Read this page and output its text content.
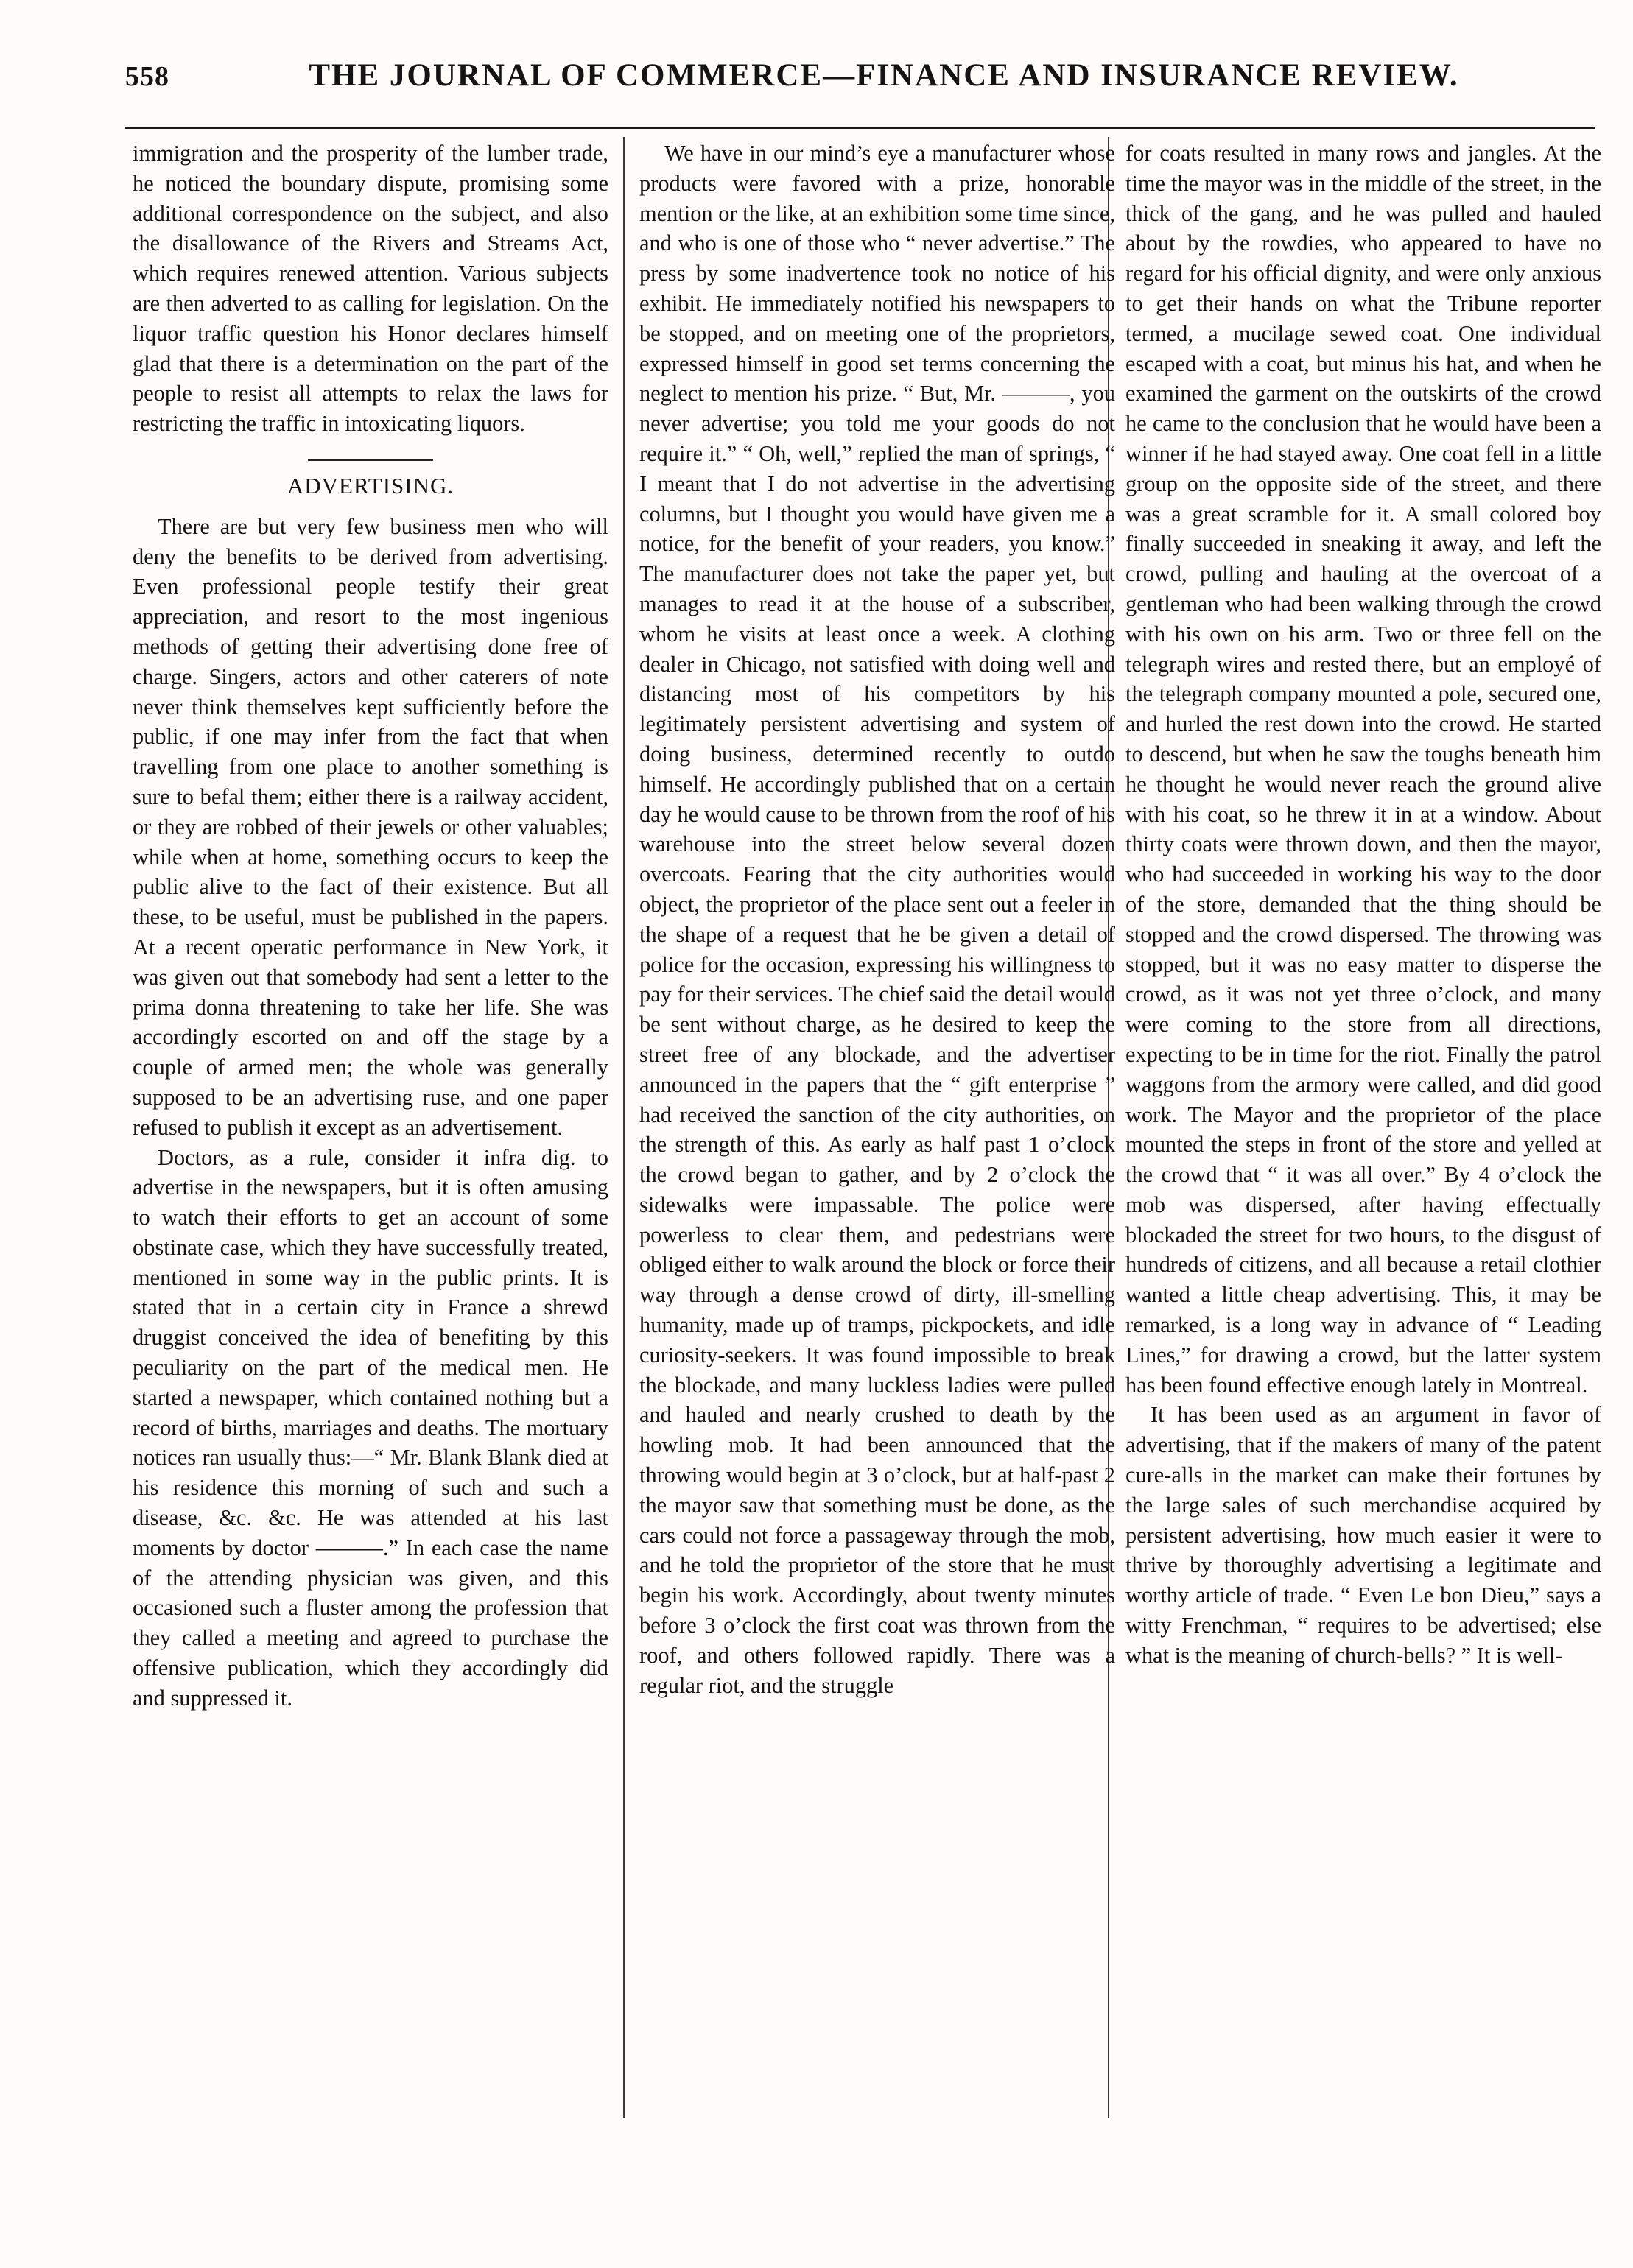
558	THE JOURNAL OF COMMERCE—FINANCE AND INSURANCE REVIEW.

immigration and the prosperity of the lumber trade, he noticed the boundary dispute, promising some additional correspondence on the subject, and also the disallowance of the Rivers and Streams Act, which requires renewed attention. Various subjects are then adverted to as calling for legislation. On the liquor traffic question his Honor declares himself glad that there is a determination on the part of the people to resist all attempts to relax the laws for restricting the traffic in intoxicating liquors.

ADVERTISING.

There are but very few business men who will deny the benefits to be derived from advertising. Even professional people testify their great appreciation, and resort to the most ingenious methods of getting their advertising done free of charge. Singers, actors and other caterers of note never think themselves kept sufficiently before the public, if one may infer from the fact that when travelling from one place to another something is sure to befal them; either there is a railway accident, or they are robbed of their jewels or other valuables; while when at home, something occurs to keep the public alive to the fact of their existence. But all these, to be useful, must be published in the papers. At a recent operatic performance in New York, it was given out that somebody had sent a letter to the prima donna threatening to take her life. She was accordingly escorted on and off the stage by a couple of armed men; the whole was generally supposed to be an advertising ruse, and one paper refused to publish it except as an advertisement.

Doctors, as a rule, consider it infra dig. to advertise in the newspapers, but it is often amusing to watch their efforts to get an account of some obstinate case, which they have successfully treated, mentioned in some way in the public prints. It is stated that in a certain city in France a shrewd druggist conceived the idea of benefiting by this peculiarity on the part of the medical men. He started a newspaper, which contained nothing but a record of births, marriages and deaths. The mortuary notices ran usually thus:—“ Mr. Blank Blank died at his residence this morning of such and such a disease, &c. &c. He was attended at his last moments by doctor ———.” In each case the name of the attending physician was given, and this occasioned such a fluster among the profession that they called a meeting and agreed to purchase the offensive publication, which they accordingly did and suppressed it.

We have in our mind’s eye a manufacturer whose products were favored with a prize, honorable mention or the like, at an exhibition some time since, and who is one of those who “ never advertise.” The press by some inadvertence took no notice of his exhibit. He immediately notified his newspapers to be stopped, and on meeting one of the proprietors, expressed himself in good set terms concerning the neglect to mention his prize. “ But, Mr. ———, you never advertise; you told me your goods do not require it.” “ Oh, well,” replied the man of springs, “ I meant that I do not advertise in the advertising columns, but I thought you would have given me a notice, for the benefit of your readers, you know.” The manufacturer does not take the paper yet, but manages to read it at the house of a subscriber, whom he visits at least once a week. A clothing dealer in Chicago, not satisfied with doing well and distancing most of his competitors by his legitimately persistent advertising and system of doing business, determined recently to outdo himself. He accordingly published that on a certain day he would cause to be thrown from the roof of his warehouse into the street below several dozen overcoats. Fearing that the city authorities would object, the proprietor of the place sent out a feeler in the shape of a request that he be given a detail of police for the occasion, expressing his willingness to pay for their services. The chief said the detail would be sent without charge, as he desired to keep the street free of any blockade, and the advertiser announced in the papers that the “ gift enterprise ” had received the sanction of the city authorities, on the strength of this. As early as half past 1 o’clock the crowd began to gather, and by 2 o’clock the sidewalks were impassable. The police were powerless to clear them, and pedestrians were obliged either to walk around the block or force their way through a dense crowd of dirty, ill-smelling humanity, made up of tramps, pickpockets, and idle curiosity-seekers. It was found impossible to break the blockade, and many luckless ladies were pulled and hauled and nearly crushed to death by the howling mob. It had been announced that the throwing would begin at 3 o’clock, but at half-past 2 the mayor saw that something must be done, as the cars could not force a passageway through the mob, and he told the proprietor of the store that he must begin his work. Accordingly, about twenty minutes before 3 o’clock the first coat was thrown from the roof, and others followed rapidly. There was a regular riot, and the struggle

for coats resulted in many rows and jangles. At the time the mayor was in the middle of the street, in the thick of the gang, and he was pulled and hauled about by the rowdies, who appeared to have no regard for his official dignity, and were only anxious to get their hands on what the Tribune reporter termed, a mucilage sewed coat. One individual escaped with a coat, but minus his hat, and when he examined the garment on the outskirts of the crowd he came to the conclusion that he would have been a winner if he had stayed away. One coat fell in a little group on the opposite side of the street, and there was a great scramble for it. A small colored boy finally succeeded in sneaking it away, and left the crowd, pulling and hauling at the overcoat of a gentleman who had been walking through the crowd with his own on his arm. Two or three fell on the telegraph wires and rested there, but an employé of the telegraph company mounted a pole, secured one, and hurled the rest down into the crowd. He started to descend, but when he saw the toughs beneath him he thought he would never reach the ground alive with his coat, so he threw it in at a window. About thirty coats were thrown down, and then the mayor, who had succeeded in working his way to the door of the store, demanded that the thing should be stopped and the crowd dispersed. The throwing was stopped, but it was no easy matter to disperse the crowd, as it was not yet three o’clock, and many were coming to the store from all directions, expecting to be in time for the riot. Finally the patrol waggons from the armory were called, and did good work. The Mayor and the proprietor of the place mounted the steps in front of the store and yelled at the crowd that “ it was all over.” By 4 o’clock the mob was dispersed, after having effectually blockaded the street for two hours, to the disgust of hundreds of citizens, and all because a retail clothier wanted a little cheap advertising. This, it may be remarked, is a long way in advance of “ Leading Lines,” for drawing a crowd, but the latter system has been found effective enough lately in Montreal.

It has been used as an argument in favor of advertising, that if the makers of many of the patent cure-alls in the market can make their fortunes by the large sales of such merchandise acquired by persistent advertising, how much easier it were to thrive by thoroughly advertising a legitimate and worthy article of trade. “ Even Le bon Dieu,” says a witty Frenchman, “ requires to be advertised; else what is the meaning of church-bells? ” It is well-
